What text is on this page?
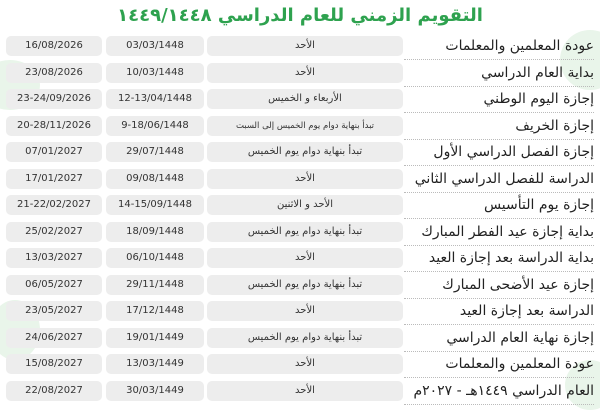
التقويم الزمني للعام الدراسي ١٤٤٩/١٤٤٨
عودة المعلمين والمعلمات
الأحد
03/03/1448
16/08/2026
بداية العام الدراسي
الأحد
10/03/1448
23/08/2026
إجازة اليوم الوطني
الأربعاء و الخميس
12-13/04/1448
23-24/09/2026
إجازة الخريف
تبدأ بنهاية دوام يوم الخميس إلى السبت
9-18/06/1448
20-28/11/2026
إجازة الفصل الدراسي الأول
تبدأ بنهاية دوام يوم الخميس
29/07/1448
07/01/2027
الدراسة للفصل الدراسي الثاني
الأحد
09/08/1448
17/01/2027
إجازة يوم التأسيس
الأحد و الاثنين
14-15/09/1448
21-22/02/2027
بداية إجازة عيد الفطر المبارك
تبدأ بنهاية دوام يوم الخميس
18/09/1448
25/02/2027
بداية الدراسة بعد إجازة العيد
الأحد
06/10/1448
13/03/2027
إجازة عيد الأضحى المبارك
تبدأ بنهاية دوام يوم الخميس
29/11/1448
06/05/2027
الدراسة بعد إجازة العيد
الأحد
17/12/1448
23/05/2027
إجازة نهاية العام الدراسي
تبدأ بنهاية دوام يوم الخميس
19/01/1449
24/06/2027
عودة المعلمين والمعلمات
الأحد
13/03/1449
15/08/2027
العام الدراسي ١٤٤٩هـ - ٢٠٢٧م
الأحد
30/03/1449
22/08/2027
